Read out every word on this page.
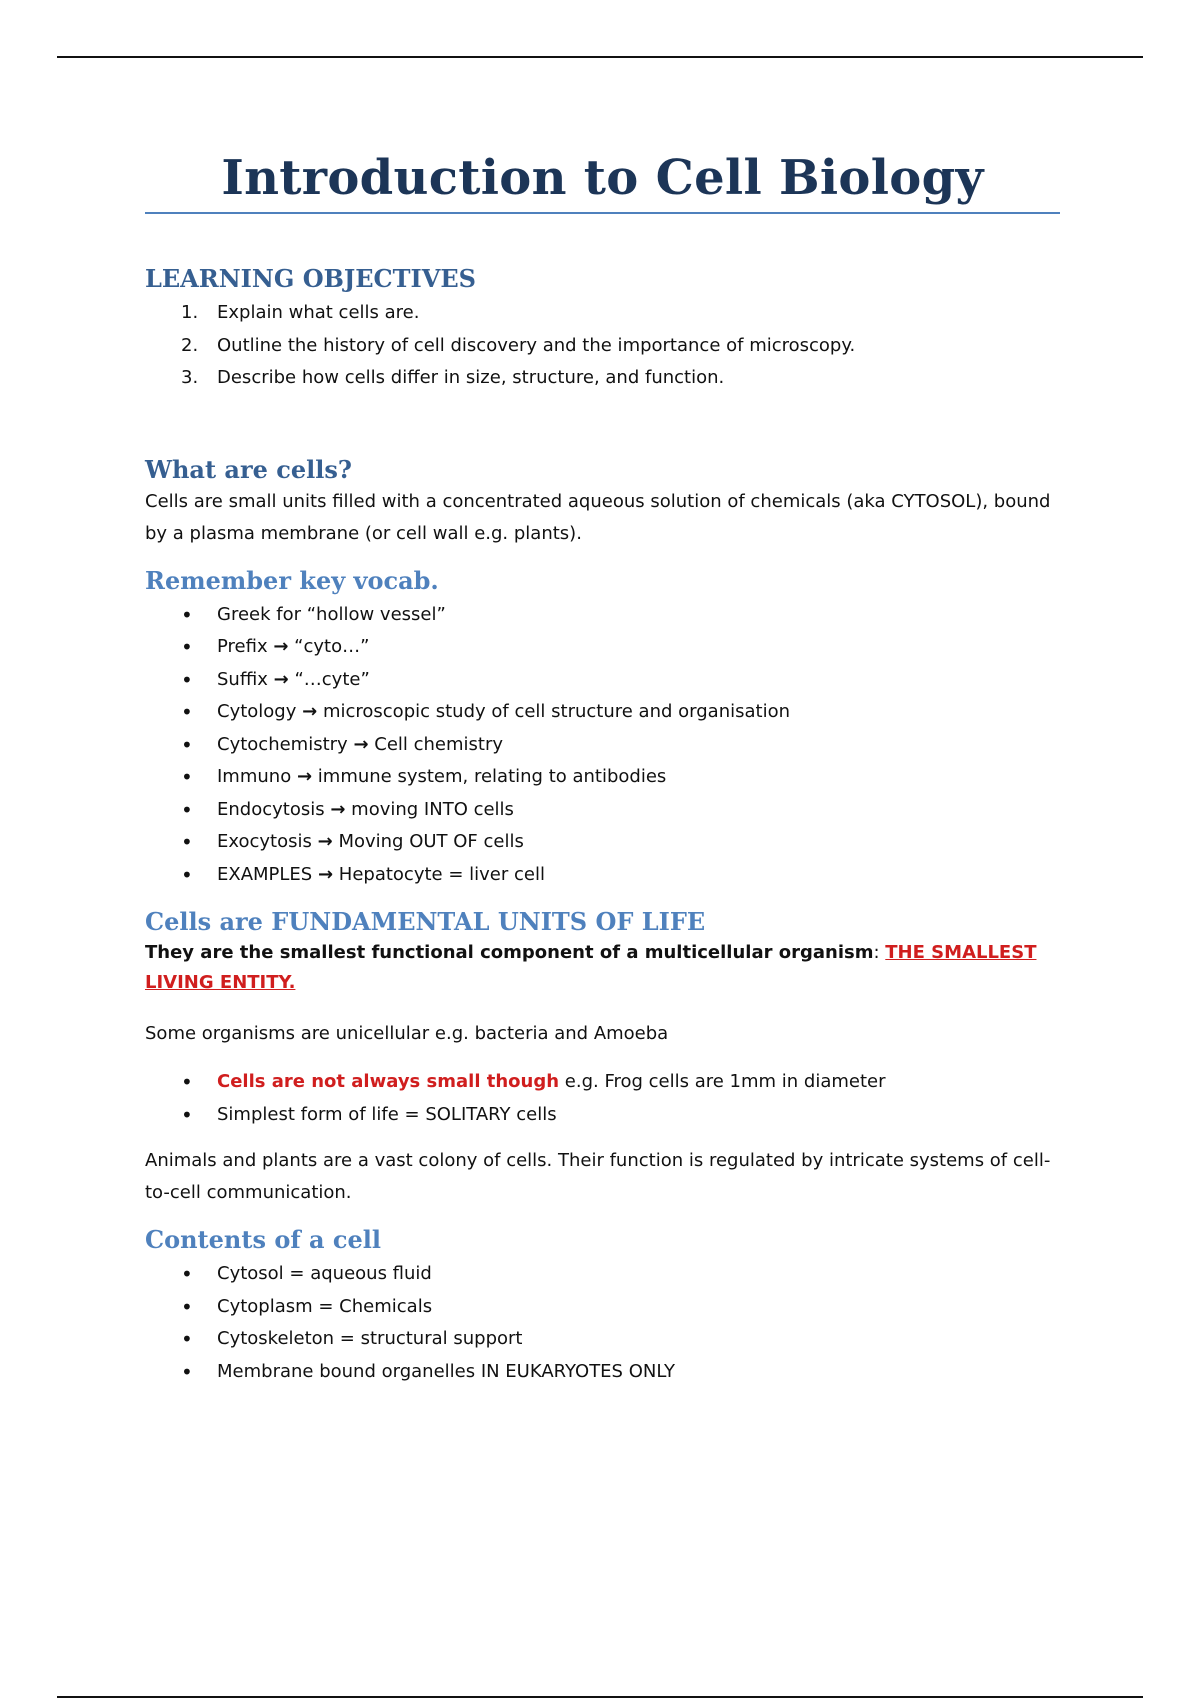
Introduction to Cell Biology
LEARNING OBJECTIVES
1. Explain what cells are.
2. Outline the history of cell discovery and the importance of microscopy.
3. Describe how cells differ in size, structure, and function.
What are cells?

Cells are small units filled with a concentrated aqueous solution of chemicals (aka CYTOSOL), bound by a plasma membrane (or cell wall e.g. plants).

Remember key vocab.
• Greek for “hollow vessel”
• Prefix → “cyto…”
• Suffix → “…cyte”
• Cytology → microscopic study of cell structure and organisation
• Cytochemistry → Cell chemistry
• Immuno → immune system, relating to antibodies
• Endocytosis → moving INTO cells
• Exocytosis → Moving OUT OF cells
• EXAMPLES → Hepatocyte = liver cell
Cells are FUNDAMENTAL UNITS OF LIFE

They are the smallest functional component of a multicellular organism: THE SMALLEST LIVING ENTITY.

Some organisms are unicellular e.g. bacteria and Amoeba

• Cells are not always small though e.g. Frog cells are 1mm in diameter
• Simplest form of life = SOLITARY cells

Animals and plants are a vast colony of cells. Their function is regulated by intricate systems of cell-to-cell communication.

Contents of a cell
• Cytosol = aqueous fluid
• Cytoplasm = Chemicals
• Cytoskeleton = structural support
• Membrane bound organelles IN EUKARYOTES ONLY
